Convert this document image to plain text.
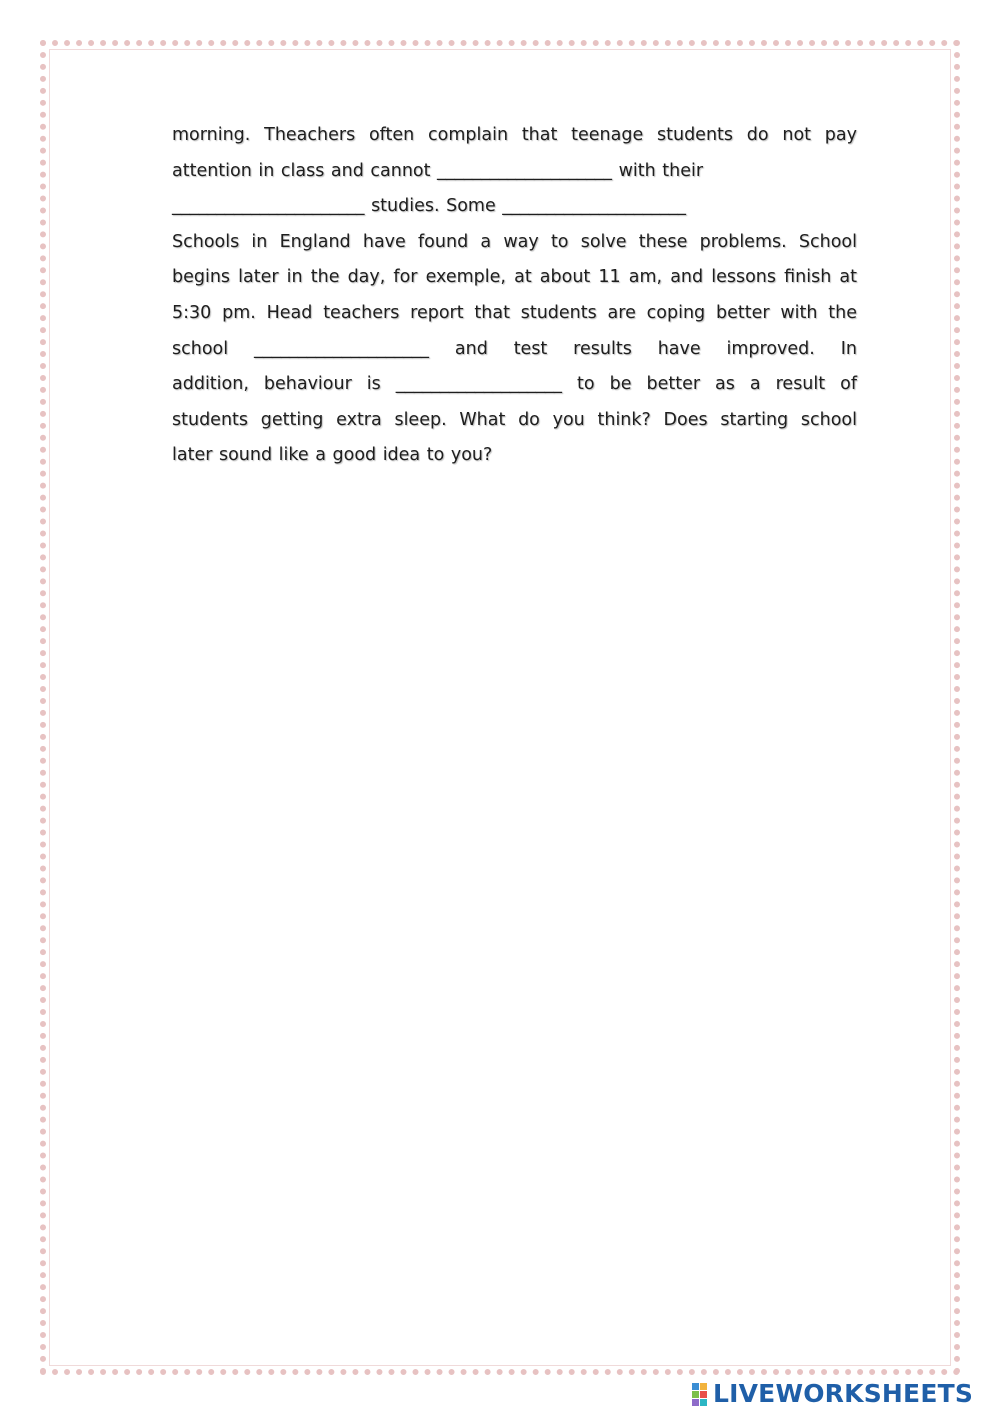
morning. Theachers often complain that teenage students do not pay
attention in class and cannot ____________________ with their
______________________ studies. Some _____________________
Schools in England have found a way to solve these problems. School
begins later in the day, for exemple, at about 11 am, and lessons finish at
5:30 pm. Head teachers report that students are coping better with the
school ____________________ and test results have improved. In
addition, behaviour is ___________________ to be better as a result of
students getting extra sleep. What do you think? Does starting school
later sound like a good idea to you?
LIVEWORKSHEETS
